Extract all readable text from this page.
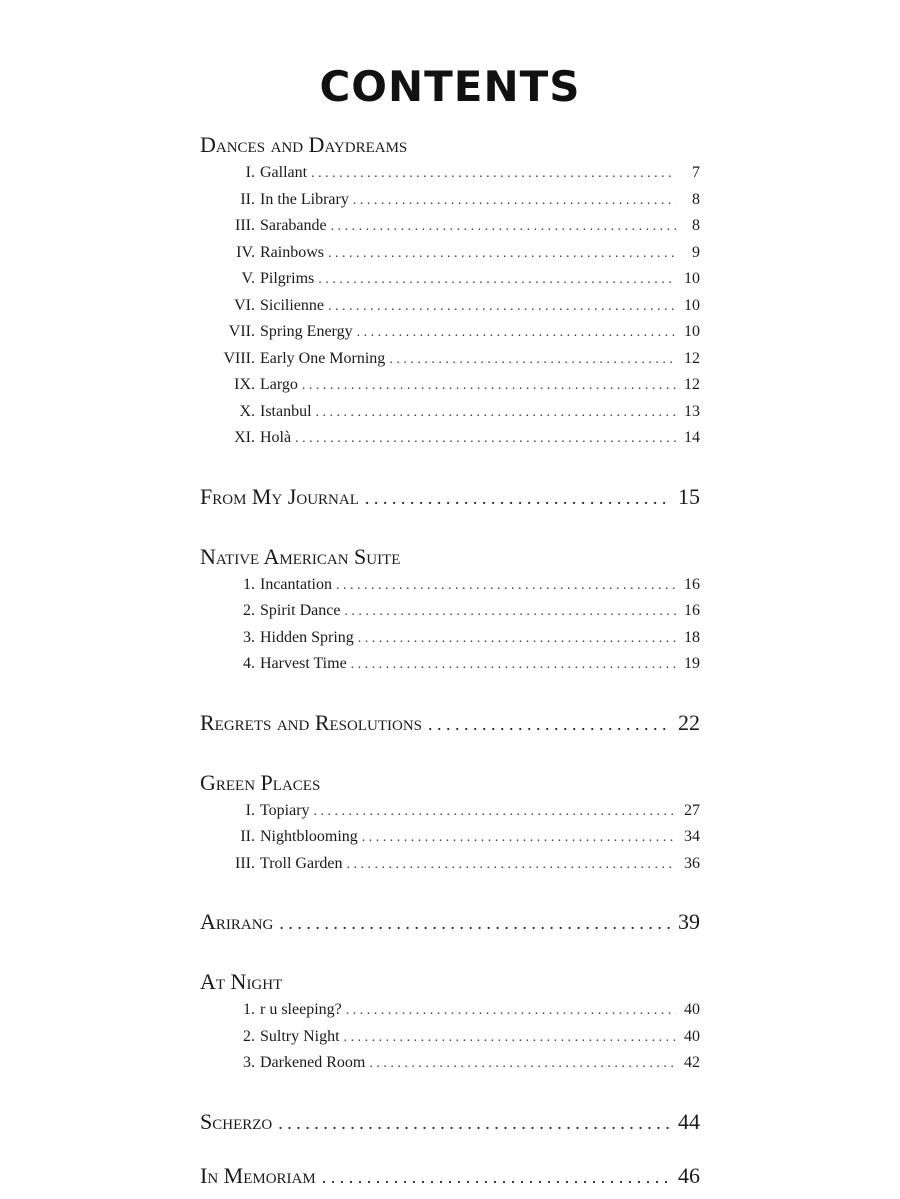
CONTENTS
Dances and Daydreams
I. Gallant . . .	7
II. In the Library . . .	8
III. Sarabande . . .	8
IV. Rainbows . . .	9
V. Pilgrims . . .	10
VI. Sicilienne . . .	10
VII. Spring Energy . . .	10
VIII. Early One Morning . . .	12
IX. Largo . . .	12
X. Istanbul . . .	13
XI. Holà . . .	14
From My Journal . . .	15
Native American Suite
1. Incantation . . .	16
2. Spirit Dance . . .	16
3. Hidden Spring . . .	18
4. Harvest Time . . .	19
Regrets and Resolutions . . .	22
Green Places
I. Topiary . . .	27
II. Nightblooming . . .	34
III. Troll Garden . . .	36
Arirang . . .	39
At Night
1. r u sleeping? . . .	40
2. Sultry Night . . .	40
3. Darkened Room . . .	42
Scherzo . . .	44
In Memoriam . . .	46
